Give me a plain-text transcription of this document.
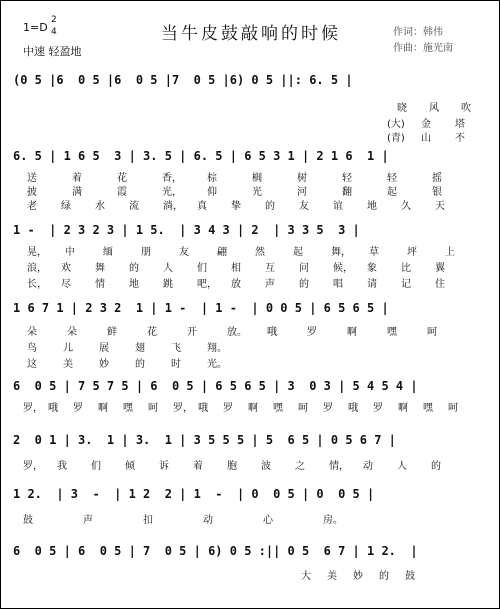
1=D
2
4
中速 轻盈地
当牛皮鼓敲响的时候	作词：韩伟
作曲：施光南
(0 5 |6  0 5 |6  0 5 |7  0 5 |6) 0 5 ||: 6. 5 |
6. 5 | 1 6 5  3 | 3. 5 | 6. 5 | 6 5 3 1 | 2 1 6  1 |
1 -  | 2 3 2 3 | 1 5.  | 3 4 3 | 2  | 3 3 5  3 |
1 6 7 1 | 2 3 2  1 | 1 -  | 1 -  | 0 0 5 | 6 5 6 5 |
6  0 5 | 7 5 7 5 | 6  0 5 | 6 5 6 5 | 3  0 3 | 5 4 5 4 |
2  0 1 | 3.  1 | 3.  1 | 3 5 5 5 | 5  6 5 | 0 5 6 7 |
1 2.  | 3  -  | 1 2  2 | 1  -  | 0  0 5 | 0  0 5 |
6  0 5 | 6  0 5 | 7  0 5 | 6) 0 5 :|| 0 5  6 7 | 1 2.  |
晓 风 吹
(大) 金 塔
(青) 山 不
送	着	花	香，	棕	榈	树	轻	轻	摇
披	满	霞	光，	仰	光	河	翻	起	银
老 绿 水 流 淌， 真 挚 的 友 谊 地 久 天
晃， 中	缅	朋	友	翩	然	起	舞， 草	坪	上
浪， 欢 舞 的 人 们 相 互 问 候， 象 比 翼
长， 尽 情 地 跳 吧， 放 声 的 唱 请 记 住
朵	朵	鲜	花	开	放。 哦	罗	啊	嘿	呵
鸟	儿	展	翅	飞	翔。
这	美	妙	的	时	光。
罗， 哦 罗 啊 嘿 呵 罗， 哦 罗 啊 嘿 呵 罗 哦 罗 啊 嘿 呵
罗， 我 们 倾 诉 着 胞 波 之 情， 动 人 的
鼓	声	扣	动	心	房。
大 美 妙 的 鼓
